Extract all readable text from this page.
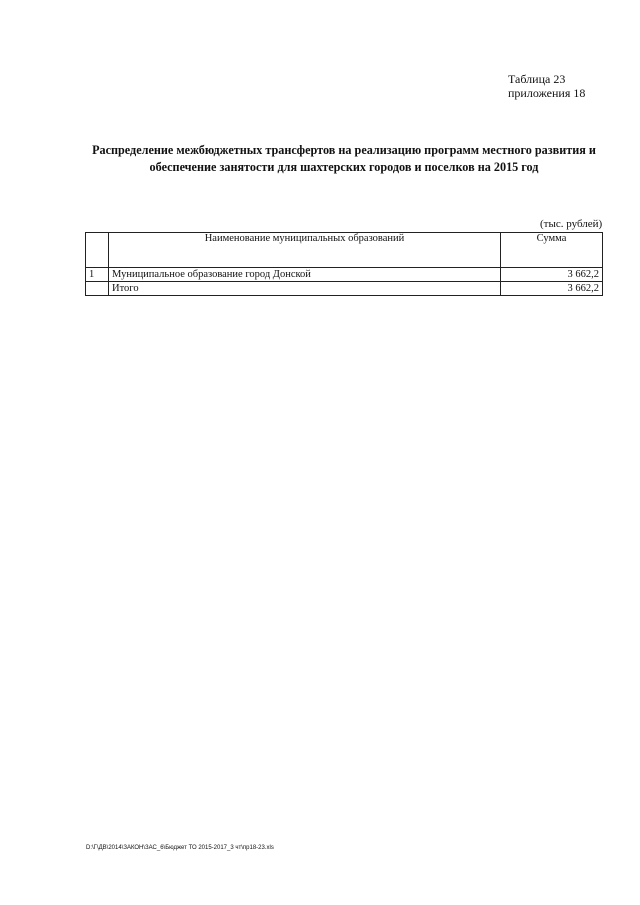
Таблица 23
приложения 18
Распределение межбюджетных трансфертов на реализацию программ местного развития и обеспечение занятости для шахтерских городов и поселков на 2015 год
(тыс. рублей)
	Наименование муниципальных образований	Сумма
1	Муниципальное образование город Донской	3 662,2
	Итого	3 662,2
D:\Г\ДВ\2014\ЗАКОН\ЗАС_6\Бюджет ТО 2015-2017_3 чт\пр18-23.xls
